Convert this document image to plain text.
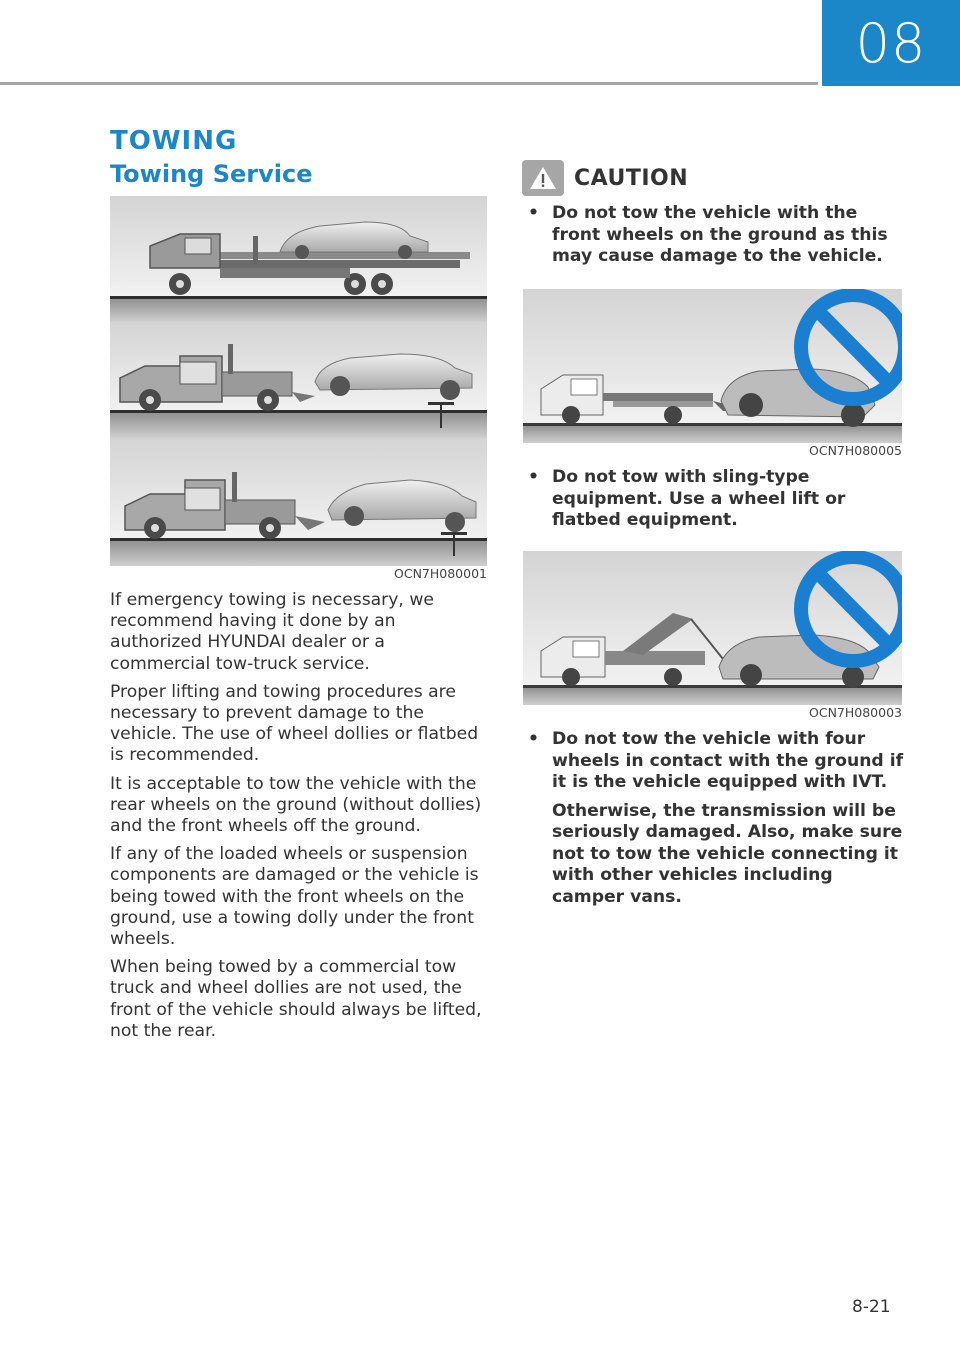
08
TOWING
Towing Service
OCN7H080001

If emergency towing is necessary, we recommend having it done by an authorized HYUNDAI dealer or a commercial tow-truck service.

Proper lifting and towing procedures are necessary to prevent damage to the vehicle. The use of wheel dollies or flatbed is recommended.

It is acceptable to tow the vehicle with the rear wheels on the ground (without dollies) and the front wheels off the ground.

If any of the loaded wheels or suspension components are damaged or the vehicle is being towed with the front wheels on the ground, use a towing dolly under the front wheels.

When being towed by a commercial tow truck and wheel dollies are not used, the front of the vehicle should always be lifted, not the rear.

CAUTION
• Do not tow the vehicle with the front wheels on the ground as this may cause damage to the vehicle.

OCN7H080005
• Do not tow with sling-type equipment. Use a wheel lift or flatbed equipment.

OCN7H080003
• Do not tow the vehicle with four wheels in contact with the ground if it is the vehicle equipped with IVT.

Otherwise, the transmission will be seriously damaged. Also, make sure not to tow the vehicle connecting it with other vehicles including camper vans.

8-21
